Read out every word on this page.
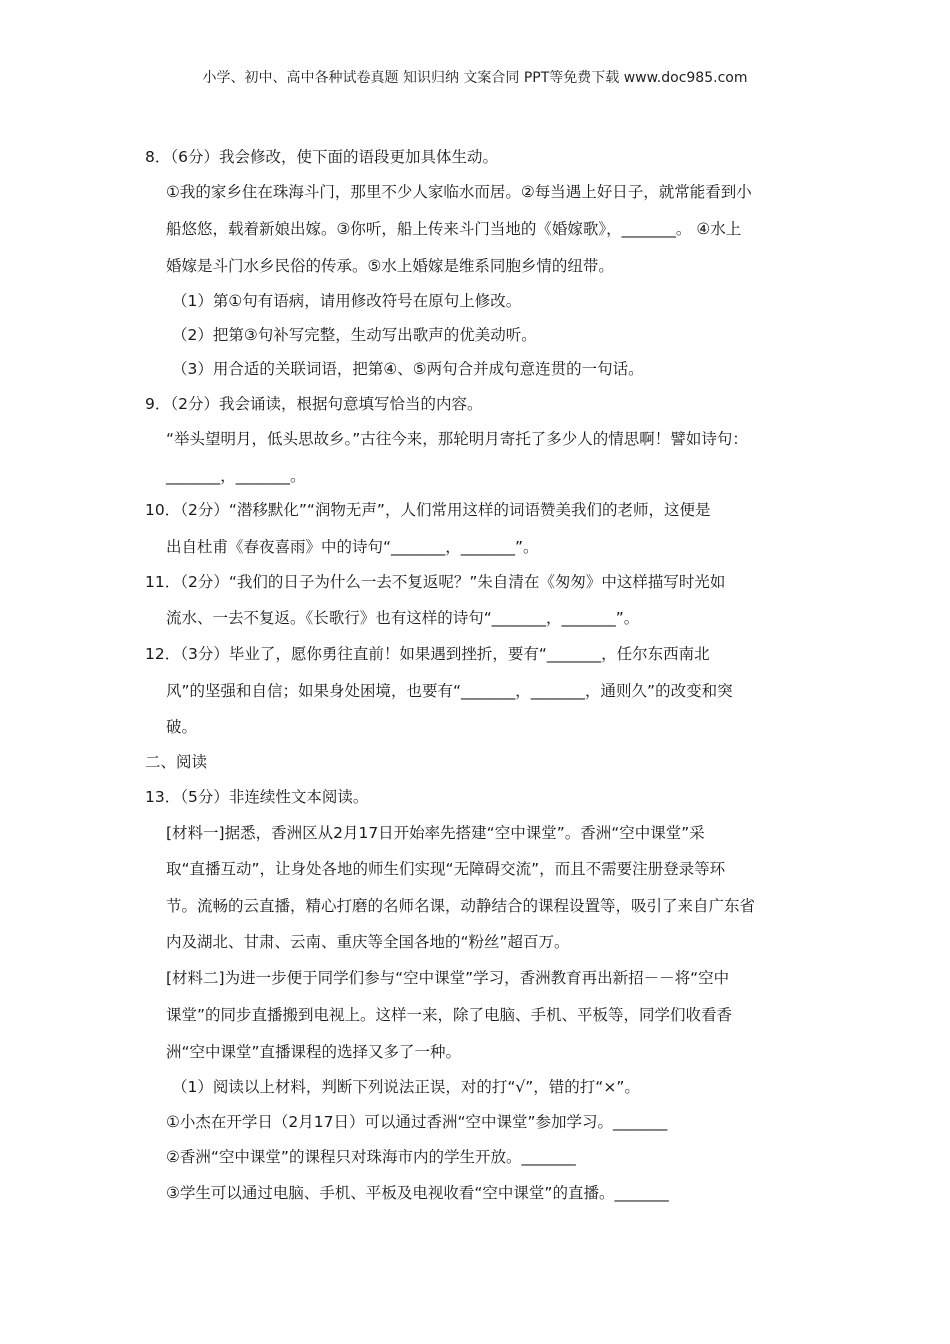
小学、初中、高中各种试卷真题 知识归纳 文案合同 PPT等免费下载 www.doc985.com
8．（6分）我会修改，使下面的语段更加具体生动。
①我的家乡住在珠海斗门，那里不少人家临水而居。②每当遇上好日子，就常能看到小
船悠悠，载着新娘出嫁。③你听，船上传来斗门当地的《婚嫁歌》，_______。 ④水上
婚嫁是斗门水乡民俗的传承。⑤水上婚嫁是维系同胞乡情的纽带。
（1）第①句有语病，请用修改符号在原句上修改。
（2）把第③句补写完整，生动写出歌声的优美动听。
（3）用合适的关联词语，把第④、⑤两句合并成句意连贯的一句话。
9．（2分）我会诵读，根据句意填写恰当的内容。
“举头望明月，低头思故乡。”古往今来，那轮明月寄托了多少人的情思啊！譬如诗句：
_______，_______。
10．（2分）“潜移默化”“润物无声”，人们常用这样的词语赞美我们的老师，这便是
出自杜甫《春夜喜雨》中的诗句“_______，_______”。
11．（2分）“我们的日子为什么一去不复返呢？”朱自清在《匆匆》中这样描写时光如
流水、一去不复返。《长歌行》也有这样的诗句“_______，_______”。
12．（3分）毕业了，愿你勇往直前！如果遇到挫折，要有“_______，任尔东西南北
风”的坚强和自信；如果身处困境，也要有“_______，_______，通则久”的改变和突
破。
二、阅读
13．（5分）非连续性文本阅读。
[材料一]据悉，香洲区从2月17日开始率先搭建“空中课堂”。香洲“空中课堂”采
取“直播互动”，让身处各地的师生们实现“无障碍交流”，而且不需要注册登录等环
节。流畅的云直播，精心打磨的名师名课，动静结合的课程设置等，吸引了来自广东省
内及湖北、甘肃、云南、重庆等全国各地的“粉丝”超百万。
[材料二]为进一步便于同学们参与“空中课堂”学习，香洲教育再出新招－－将“空中
课堂”的同步直播搬到电视上。这样一来，除了电脑、手机、平板等，同学们收看香
洲“空中课堂”直播课程的选择又多了一种。
（1）阅读以上材料，判断下列说法正误，对的打“√”，错的打“×”。
①小杰在开学日（2月17日）可以通过香洲“空中课堂”参加学习。_______
②香洲“空中课堂”的课程只对珠海市内的学生开放。_______
③学生可以通过电脑、手机、平板及电视收看“空中课堂”的直播。_______
